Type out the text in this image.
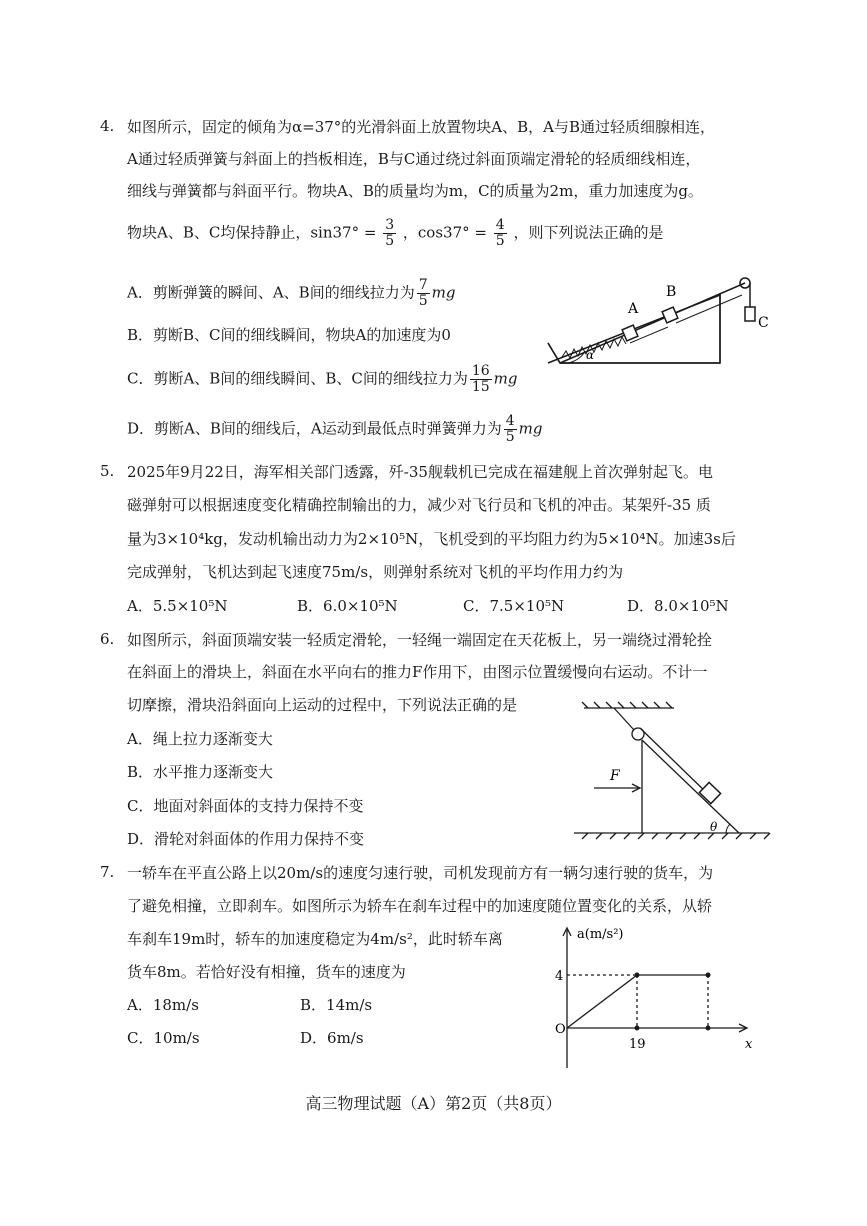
4. 如图所示，固定的倾角为α=37°的光滑斜面上放置物块A、B，A与B通过轻质细腺相连，
A通过轻质弹簧与斜面上的挡板相连，B与C通过绕过斜面顶端定滑轮的轻质细线相连，
细线与弹簧都与斜面平行。物块A、B的质量均为m，C的质量为2m，重力加速度为g。
物块A、B、C均保持静止，$\sin 37^\circ = \frac{3}{5}$ ，$\cos 37^\circ = \frac{4}{5}$ ，则下列说法正确的是
A．剪断弹簧的瞬间、A、B间的细线拉力为 $\frac{7}{5}$ mg
B．剪断B、C间的细线瞬间，物块A的加速度为0
C．剪断A、B间的细线瞬间、B、C间的细线拉力为 $\frac{16}{15}$ mg
D．剪断A、B间的细线后，A运动到最低点时弹簧弹力为 $\frac{4}{5}$ mg
A
B
C
α
5. 2025年9月22日，海军相关部门透露，歼-35舰载机已完成在福建舰上首次弹射起飞。电
磁弹射可以根据速度变化精确控制输出的力，减少对飞行员和飞机的冲击。某架歼-35 质
量为3×10⁴kg，发动机输出动力为2×10⁵N，飞机受到的平均阻力约为5×10⁴N。加速3s后
完成弹射，飞机达到起飞速度75m/s，则弹射系统对飞机的平均作用力约为
A．5.5×10⁵N	B．6.0×10⁵N	C．7.5×10⁵N	D．8.0×10⁵N
6. 如图所示，斜面顶端安装一轻质定滑轮，一轻绳一端固定在天花板上，另一端绕过滑轮拴
在斜面上的滑块上，斜面在水平向右的推力F作用下，由图示位置缓慢向右运动。不计一
切摩擦，滑块沿斜面向上运动的过程中，下列说法正确的是
A．绳上拉力逐渐变大
B．水平推力逐渐变大
C．地面对斜面体的支持力保持不变
D．滑轮对斜面体的作用力保持不变
F
θ
7. 一轿车在平直公路上以20m/s的速度匀速行驶，司机发现前方有一辆匀速行驶的货车，为
了避免相撞，立即刹车。如图所示为轿车在刹车过程中的加速度随位置变化的关系，从轿
车刹车19m时，轿车的加速度稳定为4m/s²，此时轿车离
货车8m。若恰好没有相撞，货车的速度为
A．18m/s	B．14m/s
C．10m/s	D．6m/s
a(m/s²)
x
4
19
O
高三物理试题（A）第2页（共8页）
